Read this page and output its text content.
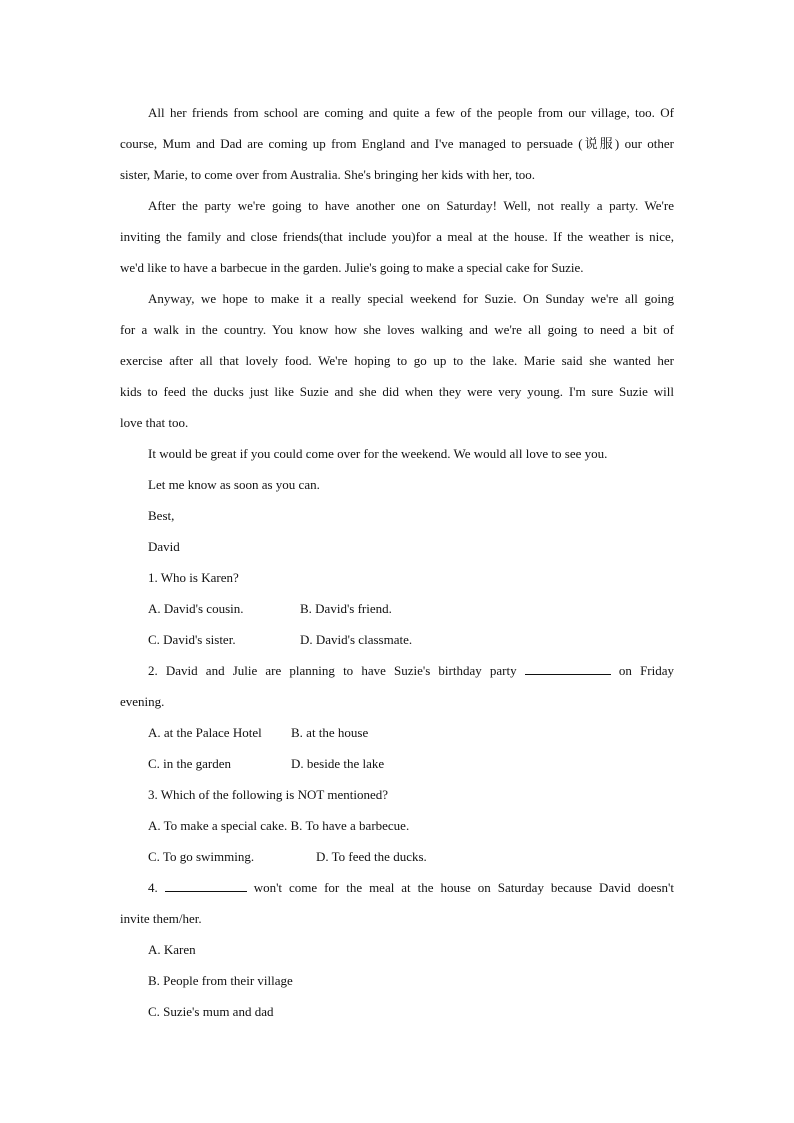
All her friends from school are coming and quite a few of the people from our village, too. Of
course, Mum and Dad are coming up from England and I've managed to persuade (说服) our other
sister, Marie, to come over from Australia. She's bringing her kids with her, too.
After the party we're going to have another one on Saturday! Well, not really a party. We're
inviting the family and close friends(that include you)for a meal at the house. If the weather is nice,
we'd like to have a barbecue in the garden. Julie's going to make a special cake for Suzie.
Anyway, we hope to make it a really special weekend for Suzie. On Sunday we're all going
for a walk in the country. You know how she loves walking and we're all going to need a bit of
exercise after all that lovely food. We're hoping to go up to the lake. Marie said she wanted her
kids to feed the ducks just like Suzie and she did when they were very young. I'm sure Suzie will
love that too.
It would be great if you could come over for the weekend. We would all love to see you.
Let me know as soon as you can.
Best,
David
1. Who is Karen?
A. David's cousin.	B. David's friend.
C. David's sister.	D. David's classmate.
2. David and Julie are planning to have Suzie's birthday party	on Friday
evening.
A. at the Palace Hotel B. at the house
C. in the garden	D. beside the lake
3. Which of the following is NOT mentioned?
A. To make a special cake. B. To have a barbecue.
C. To go swimming.	D. To feed the ducks.
4.	won't come for the meal at the house on Saturday because David doesn't
invite them/her.
A. Karen
B. People from their village
C. Suzie's mum and dad
